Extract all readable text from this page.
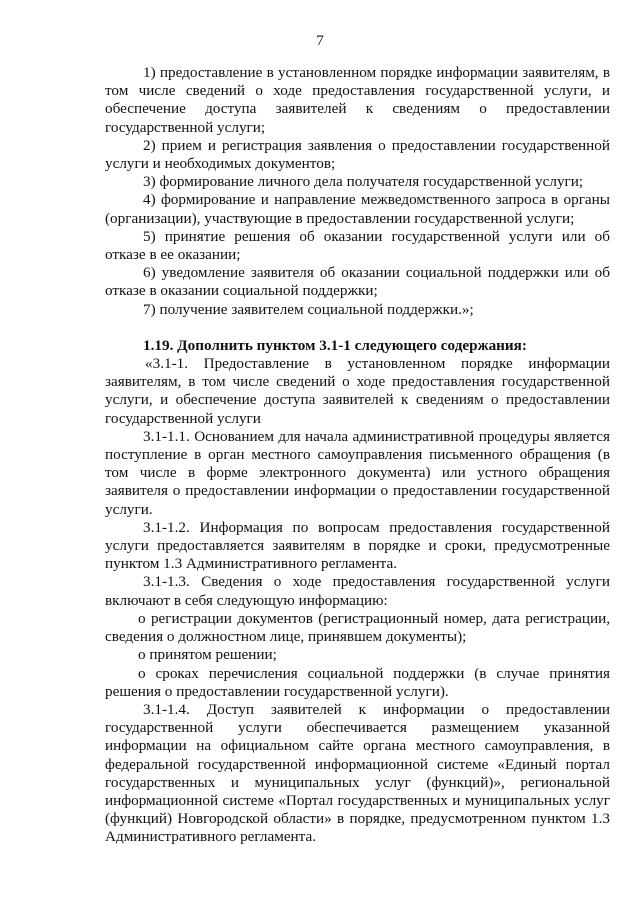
7

1) предоставление в установленном порядке информации заявителям, в том числе сведений о ходе предоставления государственной услуги, и обеспечение доступа заявителей к сведениям о предоставлении государственной услуги;

2) прием и регистрация заявления о предоставлении государственной услуги и необходимых документов;

3) формирование личного дела получателя государственной услуги;

4) формирование и направление межведомственного запроса в органы (организации), участвующие в предоставлении государственной услуги;

5) принятие решения об оказании государственной услуги или об отказе в ее оказании;

6) уведомление заявителя об оказании социальной поддержки или об отказе в оказании социальной поддержки;

7) получение заявителем социальной поддержки.»;

1.19. Дополнить пунктом 3.1-1 следующего содержания:

«3.1-1. Предоставление в установленном порядке информации заявителям, в том числе сведений о ходе предоставления государственной услуги, и обеспечение доступа заявителей к сведениям о предоставлении государственной услуги

3.1-1.1. Основанием для начала административной процедуры является поступление в орган местного самоуправления письменного обращения (в том числе в форме электронного документа) или устного обращения заявителя о предоставлении информации о предоставлении государственной услуги.

3.1-1.2. Информация по вопросам предоставления государственной услуги предоставляется заявителям в порядке и сроки, предусмотренные пунктом 1.3 Административного регламента.

3.1-1.3. Сведения о ходе предоставления государственной услуги включают в себя следующую информацию:

о регистрации документов (регистрационный номер, дата регистрации, сведения о должностном лице, принявшем документы);

о принятом решении;

о сроках перечисления социальной поддержки (в случае принятия решения о предоставлении государственной услуги).

3.1-1.4. Доступ заявителей к информации о предоставлении государственной услуги обеспечивается размещением указанной информации на официальном сайте органа местного самоуправления, в федеральной государственной информационной системе «Единый портал государственных и муниципальных услуг (функций)», региональной информационной системе «Портал государственных и муниципальных услуг (функций) Новгородской области» в порядке, предусмотренном пунктом 1.3 Административного регламента.
